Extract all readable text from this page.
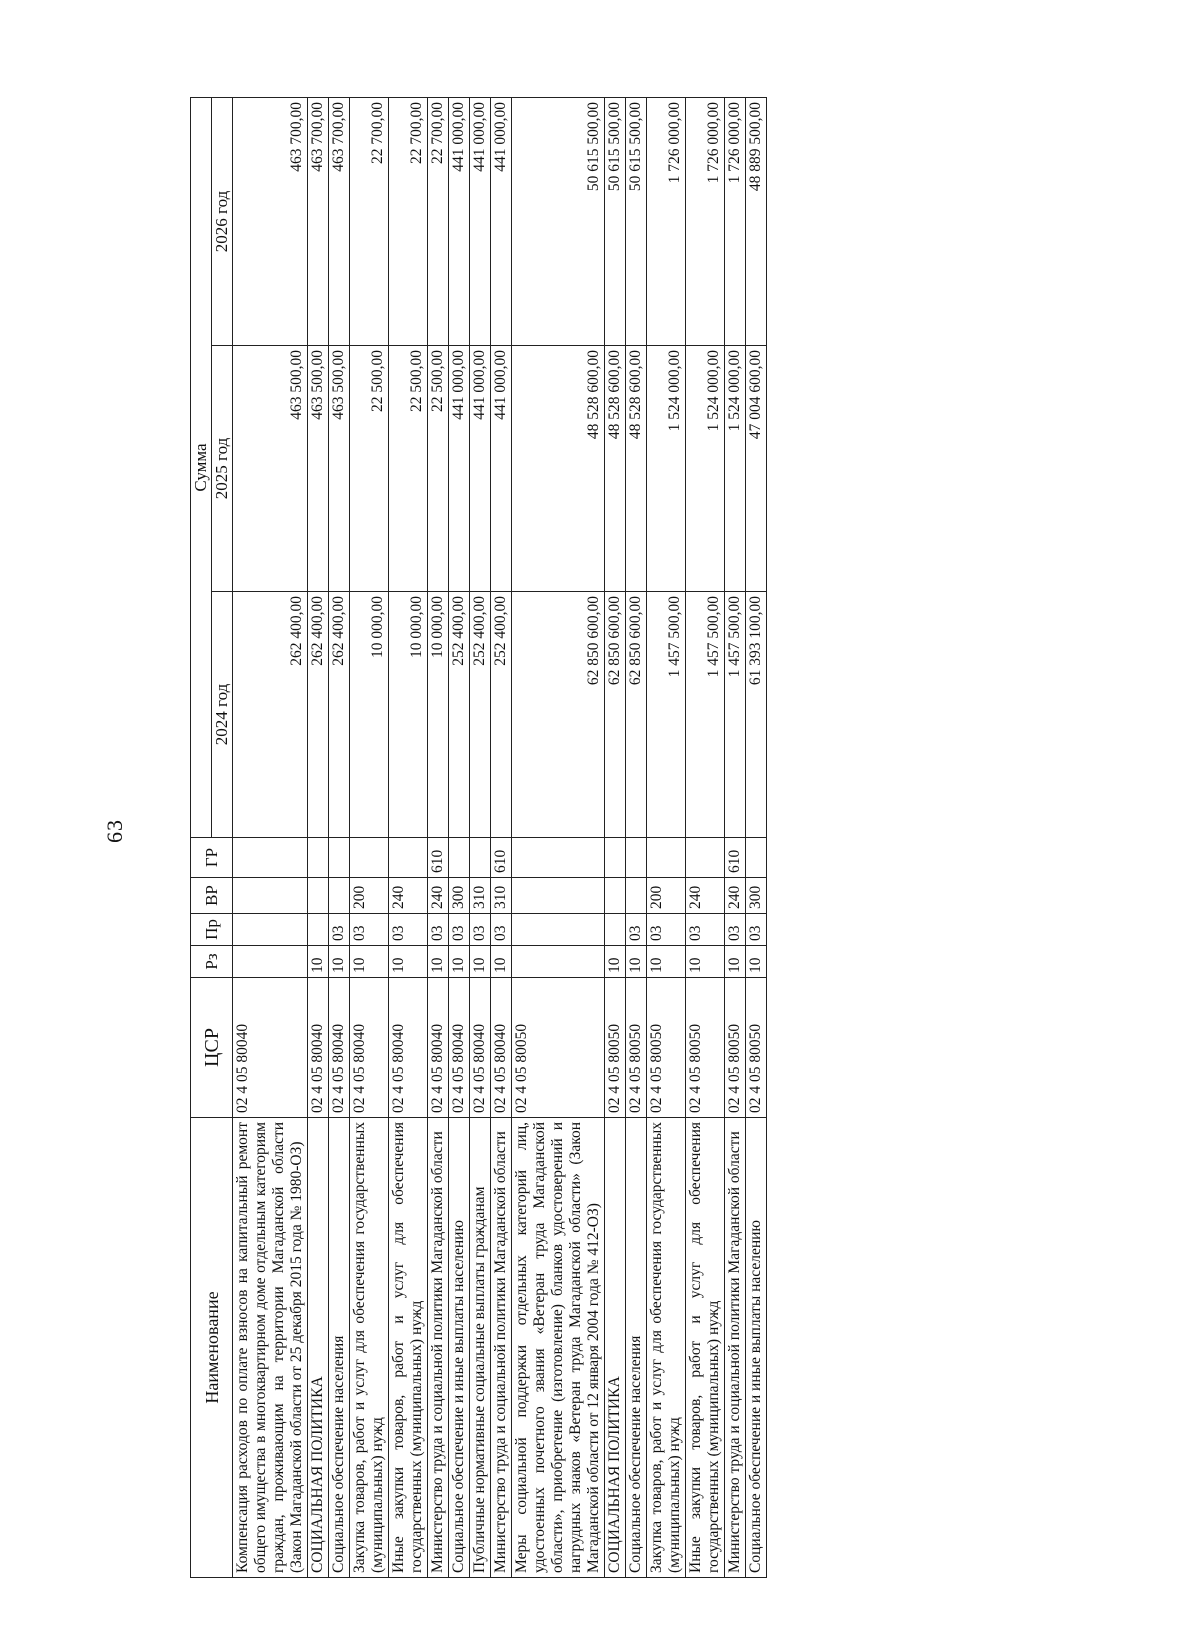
63
Наименование	ЦСР	Рз	Пр	ВР	ГР	Сумма		
						2024 год	2025 год	2026 год
Компенсация расходов по оплате взносов на капитальный ремонт общего имущества в многоквартирном доме отдельным категориям граждан, проживающим на территории Магаданской области (Закон Магаданской области от 25 декабря 2015 года № 1980-ОЗ)	02 4 05 80040					262 400,00	463 500,00	463 700,00
СОЦИАЛЬНАЯ ПОЛИТИКА	02 4 05 80040	10				262 400,00	463 500,00	463 700,00
Социальное обеспечение населения	02 4 05 80040	10	03			262 400,00	463 500,00	463 700,00
Закупка товаров, работ и услуг для обеспечения государственных (муниципальных) нужд	02 4 05 80040	10	03	200		10 000,00	22 500,00	22 700,00
Иные закупки товаров, работ и услуг для обеспечения государственных (муниципальных) нужд	02 4 05 80040	10	03	240		10 000,00	22 500,00	22 700,00
Министерство труда и социальной политики Магаданской области	02 4 05 80040	10	03	240	610	10 000,00	22 500,00	22 700,00
Социальное обеспечение и иные выплаты населению	02 4 05 80040	10	03	300		252 400,00	441 000,00	441 000,00
Публичные нормативные социальные выплаты гражданам	02 4 05 80040	10	03	310		252 400,00	441 000,00	441 000,00
Министерство труда и социальной политики Магаданской области	02 4 05 80040	10	03	310	610	252 400,00	441 000,00	441 000,00
Меры социальной поддержки отдельных категорий лиц, удостоенных почетного звания «Ветеран труда Магаданской области», приобретение (изготовление) бланков удостоверений и нагрудных знаков «Ветеран труда Магаданской области» (Закон Магаданской области от 12 января 2004 года № 412-ОЗ)	02 4 05 80050					62 850 600,00	48 528 600,00	50 615 500,00
СОЦИАЛЬНАЯ ПОЛИТИКА	02 4 05 80050	10				62 850 600,00	48 528 600,00	50 615 500,00
Социальное обеспечение населения	02 4 05 80050	10	03			62 850 600,00	48 528 600,00	50 615 500,00
Закупка товаров, работ и услуг для обеспечения государственных (муниципальных) нужд	02 4 05 80050	10	03	200		1 457 500,00	1 524 000,00	1 726 000,00
Иные закупки товаров, работ и услуг для обеспечения государственных (муниципальных) нужд	02 4 05 80050	10	03	240		1 457 500,00	1 524 000,00	1 726 000,00
Министерство труда и социальной политики Магаданской области	02 4 05 80050	10	03	240	610	1 457 500,00	1 524 000,00	1 726 000,00
Социальное обеспечение и иные выплаты населению	02 4 05 80050	10	03	300		61 393 100,00	47 004 600,00	48 889 500,00
